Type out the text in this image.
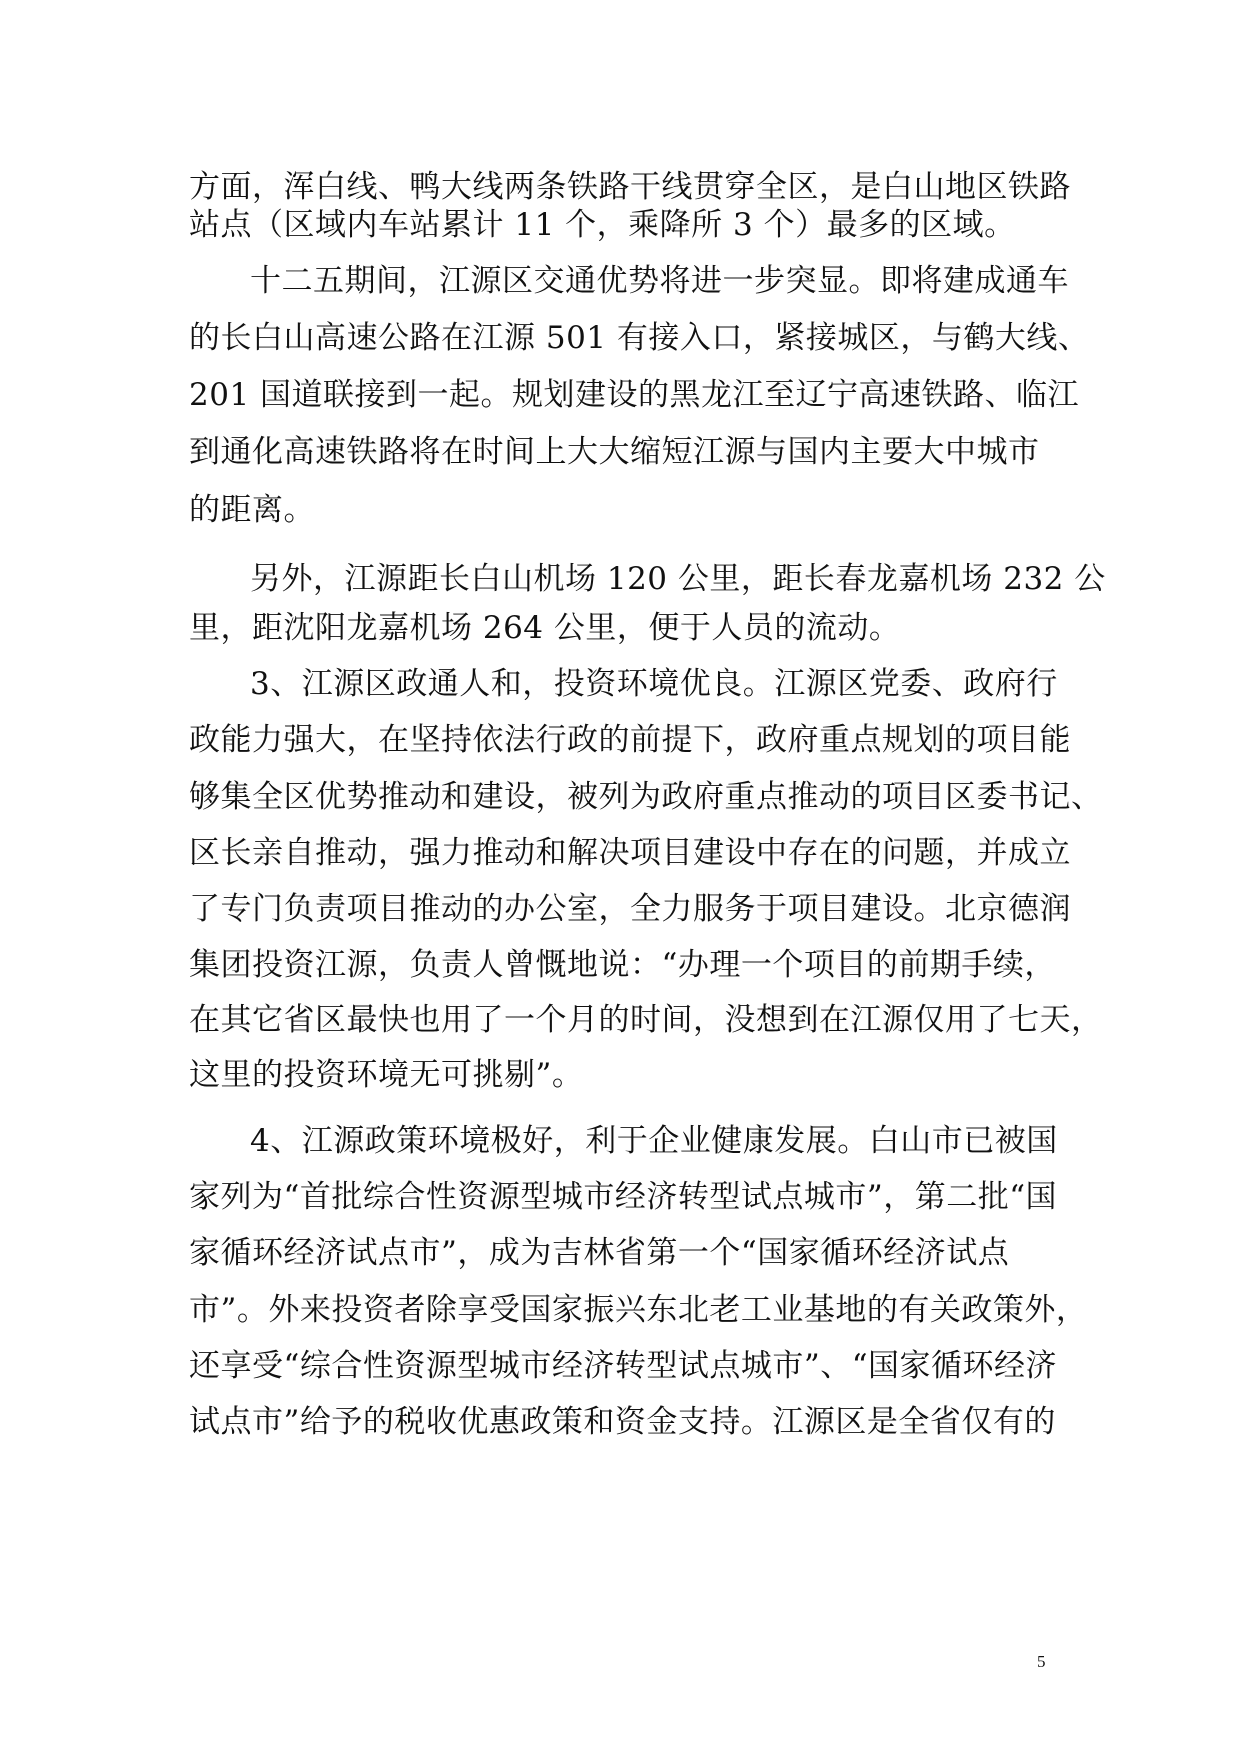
方面，浑白线、鸭大线两条铁路干线贯穿全区，是白山地区铁路
站点（区域内车站累计 11 个，乘降所 3 个）最多的区域。
十二五期间，江源区交通优势将进一步突显。即将建成通车
的长白山高速公路在江源 501 有接入口，紧接城区，与鹤大线、
201 国道联接到一起。规划建设的黑龙江至辽宁高速铁路、临江
到通化高速铁路将在时间上大大缩短江源与国内主要大中城市
的距离。
另外，江源距长白山机场 120 公里，距长春龙嘉机场 232 公
里，距沈阳龙嘉机场 264 公里，便于人员的流动。
3、江源区政通人和，投资环境优良。江源区党委、政府行
政能力强大，在坚持依法行政的前提下，政府重点规划的项目能
够集全区优势推动和建设，被列为政府重点推动的项目区委书记、
区长亲自推动，强力推动和解决项目建设中存在的问题，并成立
了专门负责项目推动的办公室，全力服务于项目建设。北京德润
集团投资江源，负责人曾慨地说：“办理一个项目的前期手续，
在其它省区最快也用了一个月的时间，没想到在江源仅用了七天，
这里的投资环境无可挑剔”。
4、江源政策环境极好，利于企业健康发展。白山市已被国
家列为“首批综合性资源型城市经济转型试点城市”，第二批“国
家循环经济试点市”，成为吉林省第一个“国家循环经济试点
市”。外来投资者除享受国家振兴东北老工业基地的有关政策外，
还享受“综合性资源型城市经济转型试点城市”、“国家循环经济
试点市”给予的税收优惠政策和资金支持。江源区是全省仅有的
5
